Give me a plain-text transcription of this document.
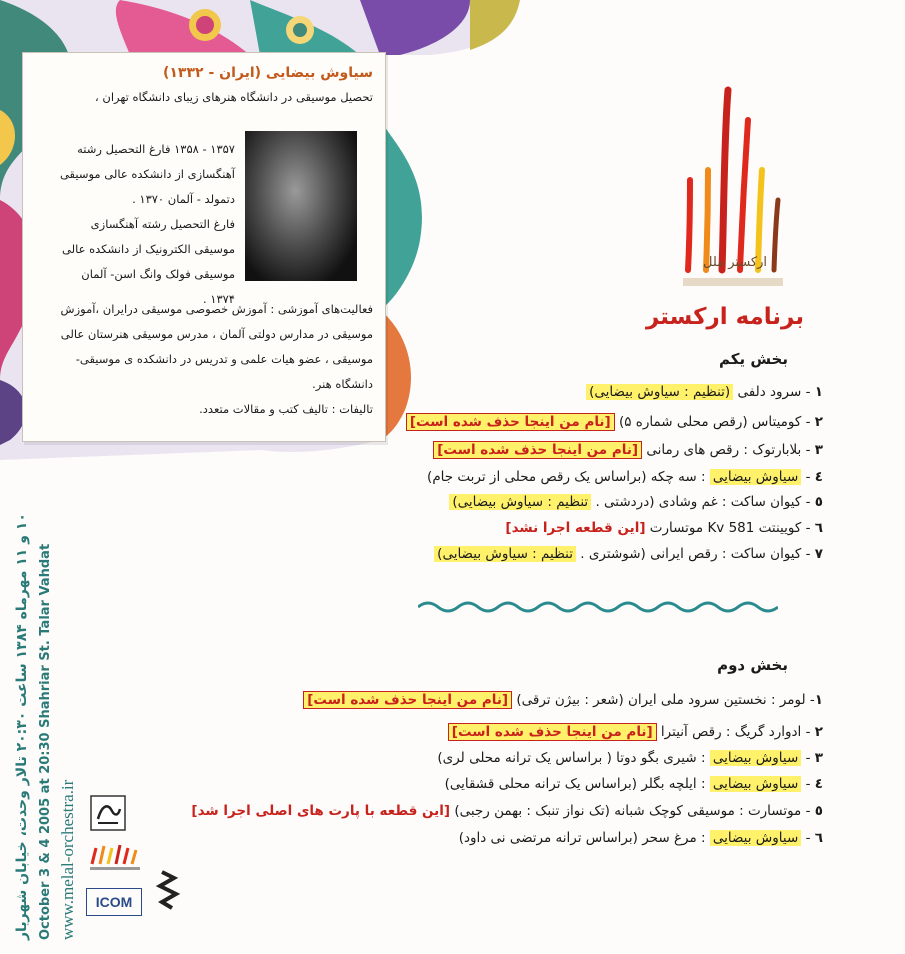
سیاوش بیضایی (ایران - ۱۳۳۲)
تحصیل موسیقی در دانشگاه هنرهای زیبای دانشگاه تهران ،
۱۳۵۷ - ۱۳۵۸ فارغ التحصیل رشته
آهنگسازی از دانشکده عالی موسیقی
دتمولد - آلمان ۱۳۷۰ .
فارغ التحصیل رشته آهنگسازی
موسیقی الکترونیک از دانشکده عالی
موسیقی فولک وانگ اسن- آلمان
۱۳۷۴ .
فعالیت‌های آموزشی : آموزش خصوصی موسیقی درایران ،آموزش
موسیقی در مدارس دولتی آلمان ، مدرس موسیقی هنرستان عالی
موسیقی ، عضو هیات علمی و تدریس در دانشکده ی موسیقی-
دانشگاه هنر.
تالیفات : تالیف کتب و مقالات متعدد.
ارکستر ملل
برنامه ارکستر
بخش یکم
۱ - سرود دلفی (تنظیم : سیاوش بیضایی)
۲ - کومیتاس (رقص محلی شماره ۵) [نام من اینجا حذف شده است]
۳ - بلابارتوک : رقص های رمانی [نام من اینجا حذف شده است]
٤ - سیاوش بیضایی : سه چکه (براساس یک رقص محلی از تربت جام)
٥ - کیوان ساکت : غم وشادی (دردشتی . تنظیم : سیاوش بیضایی)
٦ - کویینتت 581 Kv موتسارت [این قطعه اجرا نشد]
۷ - کیوان ساکت : رقص ایرانی (شوشتری . تنظیم : سیاوش بیضایی)
بخش دوم
۱- لومر : نخستین سرود ملی ایران (شعر : بیژن ترقی) [نام من اینجا حذف شده است]
۲ - ادوارد گریگ : رقص آنیترا [نام من اینجا حذف شده است]
۳ - سیاوش بیضایی : شیری بگو دوتا ( براساس یک ترانه محلی لری)
٤ - سیاوش بیضایی : ایلچه بگلر (براساس یک ترانه محلی قشقایی)
٥ - موتسارت : موسیقی کوچک شبانه (تک نواز تنبک : بهمن رجبی) [این قطعه با پارت های اصلی اجرا شد]
٦ - سیاوش بیضایی : مرغ سحر (براساس ترانه مرتضی نی داود)
۱۰ و ۱۱ مهرماه ۱۳۸۴ ساعت ۲۰:۳۰ تالار وحدت، خیابان شهریار
October 3 & 4 2005 at 20:30 Shahriar St. Talar Vahdat www.melal-orchestra.ir	ICOM
